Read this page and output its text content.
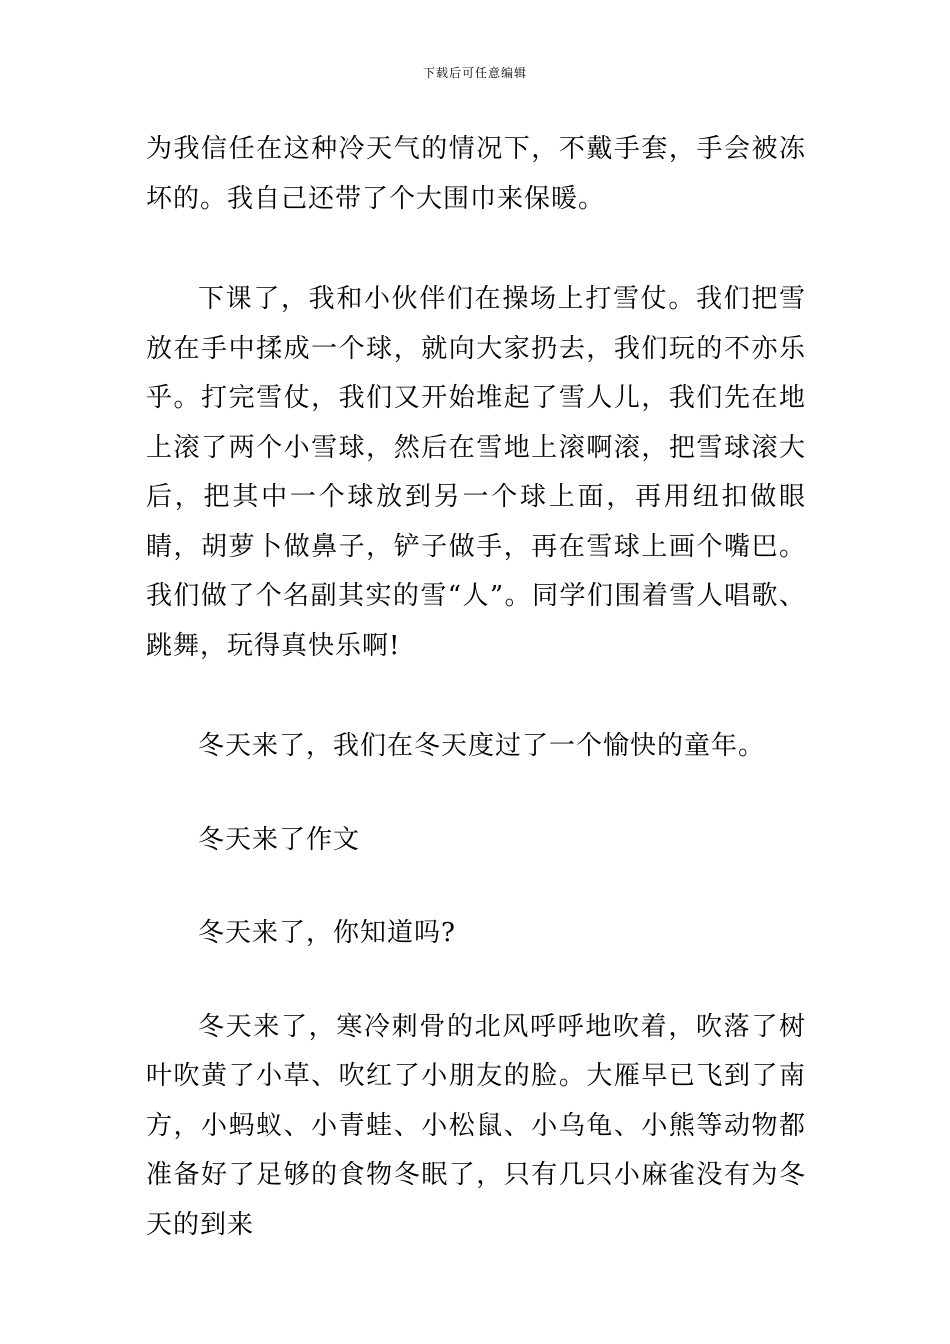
下载后可任意编辑

为我信任在这种冷天气的情况下，不戴手套，手会被冻坏的。我自己还带了个大围巾来保暖。

下课了，我和小伙伴们在操场上打雪仗。我们把雪放在手中揉成一个球，就向大家扔去，我们玩的不亦乐乎。打完雪仗，我们又开始堆起了雪人儿，我们先在地上滚了两个小雪球，然后在雪地上滚啊滚，把雪球滚大后，把其中一个球放到另一个球上面，再用纽扣做眼睛，胡萝卜做鼻子，铲子做手，再在雪球上画个嘴巴。我们做了个名副其实的雪“人”。同学们围着雪人唱歌、跳舞，玩得真快乐啊!

冬天来了，我们在冬天度过了一个愉快的童年。

冬天来了作文

冬天来了，你知道吗?

冬天来了，寒冷刺骨的北风呼呼地吹着，吹落了树叶吹黄了小草、吹红了小朋友的脸。大雁早已飞到了南方，小蚂蚁、小青蛙、小松鼠、小乌龟、小熊等动物都准备好了足够的食物冬眠了，只有几只小麻雀没有为冬天的到来
